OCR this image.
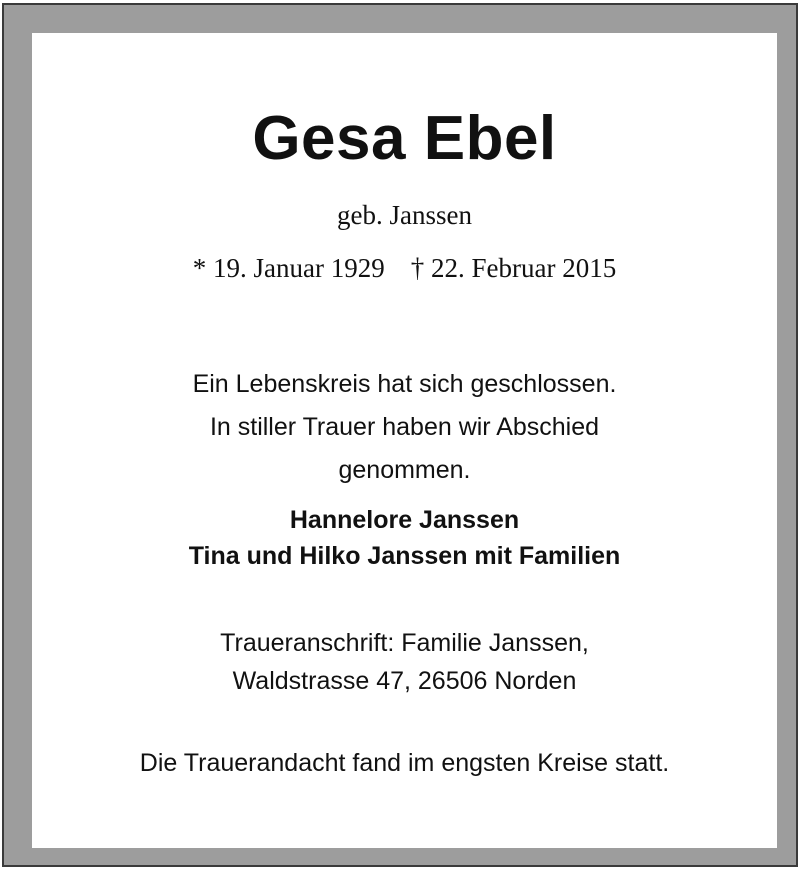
Gesa Ebel
geb. Janssen
* 19. Januar 1929 † 22. Februar 2015
Ein Lebenskreis hat sich geschlossen.
In stiller Trauer haben wir Abschied
genommen.
Hannelore Janssen
Tina und Hilko Janssen mit Familien
Traueranschrift: Familie Janssen,
Waldstrasse 47, 26506 Norden
Die Trauerandacht fand im engsten Kreise statt.
